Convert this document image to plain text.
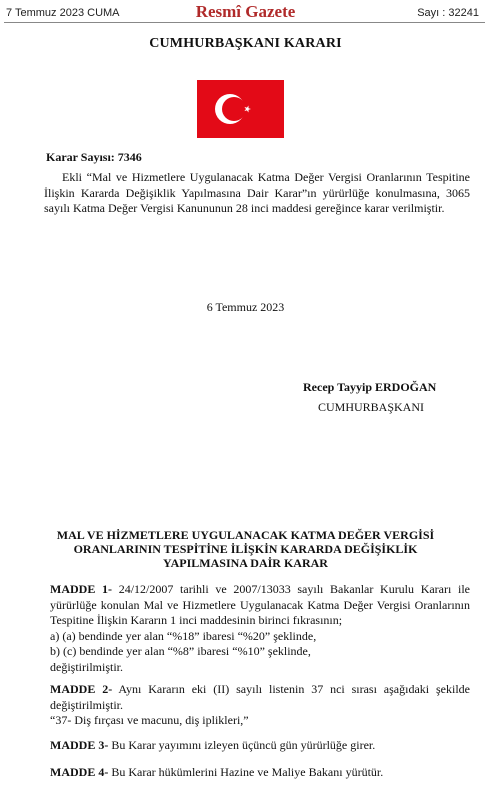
7 Temmuz 2023 CUMA	Resmî Gazete	Sayı : 32241
CUMHURBAŞKANI KARARI
Karar Sayısı: 7346
Ekli “Mal ve Hizmetlere Uygulanacak Katma Değer Vergisi Oranlarının Tespitine İlişkin Kararda Değişiklik Yapılmasına Dair Karar”ın yürürlüğe konulmasına, 3065 sayılı Katma Değer Vergisi Kanununun 28 inci maddesi gereğince karar verilmiştir.
6 Temmuz 2023
Recep Tayyip ERDOĞAN
CUMHURBAŞKANI
MAL VE HİZMETLERE UYGULANACAK KATMA DEĞER VERGİSİ ORANLARININ TESPİTİNE İLİŞKİN KARARDA DEĞİŞİKLİK YAPILMASINA DAİR KARAR
MADDE 1- 24/12/2007 tarihli ve 2007/13033 sayılı Bakanlar Kurulu Kararı ile yürürlüğe konulan Mal ve Hizmetlere Uygulanacak Katma Değer Vergisi Oranlarının Tespitine İlişkin Kararın 1 inci maddesinin birinci fıkrasının;
a) (a) bendinde yer alan “%18” ibaresi “%20” şeklinde,
b) (c) bendinde yer alan “%8” ibaresi “%10” şeklinde,
değiştirilmiştir.
MADDE 2- Aynı Kararın eki (II) sayılı listenin 37 nci sırası aşağıdaki şekilde değiştirilmiştir.
“37- Diş fırçası ve macunu, diş iplikleri,”
MADDE 3- Bu Karar yayımını izleyen üçüncü gün yürürlüğe girer.
MADDE 4- Bu Karar hükümlerini Hazine ve Maliye Bakanı yürütür.
